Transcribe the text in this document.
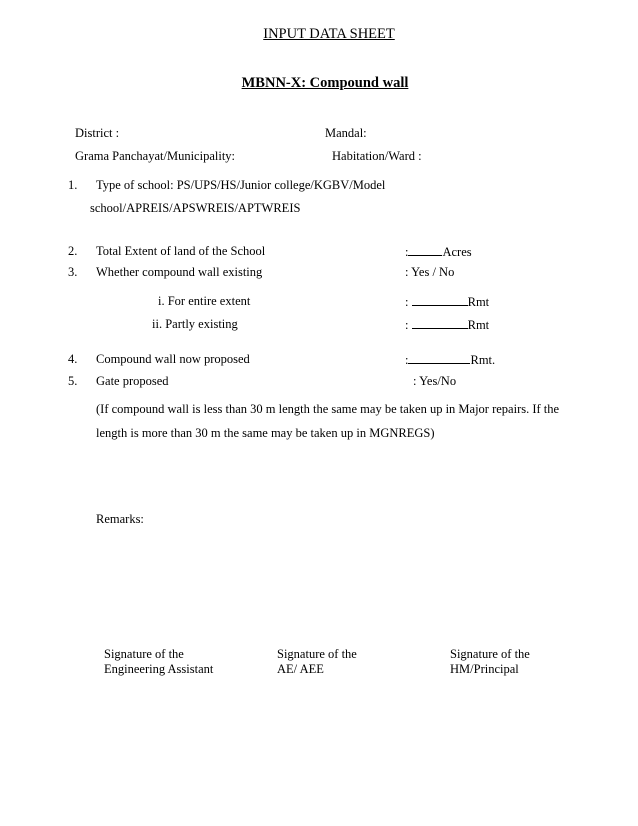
INPUT DATA SHEET
MBNN-X: Compound wall
District :	Mandal:
Grama Panchayat/Municipality:	Habitation/Ward :
1. Type of school: PS/UPS/HS/Junior college/KGBV/Model
school/APREIS/APSWREIS/APTWREIS
2. Total Extent of land of the School	:	Acres
3. Whether compound wall existing	: Yes / No
i. For entire extent	:	Rmt
ii. Partly existing	:	Rmt
4. Compound wall now proposed	:	Rmt.
5. Gate proposed	: Yes/No
(If compound wall is less than 30 m length the same may be taken up in Major repairs. If the length is more than 30 m the same may be taken up in MGNREGS)
Remarks:
Signature of the
Engineering Assistant
Signature of the
AE/ AEE
Signature of the
HM/Principal
